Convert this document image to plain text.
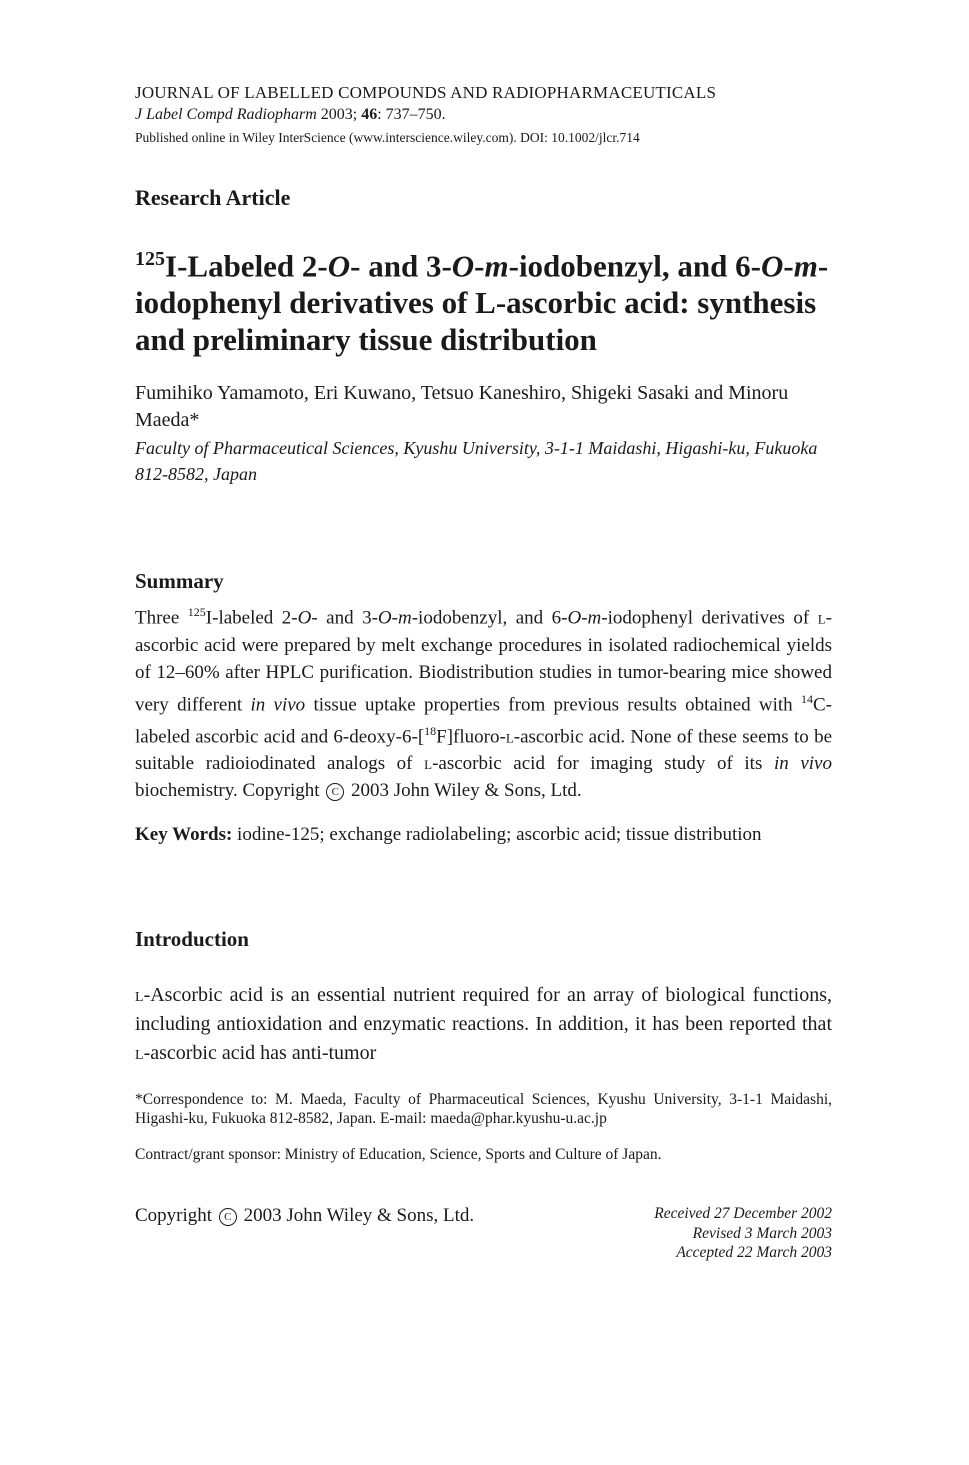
JOURNAL OF LABELLED COMPOUNDS AND RADIOPHARMACEUTICALS
J Label Compd Radiopharm 2003; 46: 737–750.
Published online in Wiley InterScience (www.interscience.wiley.com). DOI: 10.1002/jlcr.714
Research Article
$^{125}$I-Labeled 2-O- and 3-O-m-iodobenzyl, and 6-O-m-iodophenyl derivatives of L-ascorbic acid: synthesis and preliminary tissue distribution
Fumihiko Yamamoto, Eri Kuwano, Tetsuo Kaneshiro, Shigeki Sasaki and Minoru Maeda*
Faculty of Pharmaceutical Sciences, Kyushu University, 3-1-1 Maidashi, Higashi-ku, Fukuoka 812-8582, Japan
Summary

Three $^{125}$I-labeled 2-O- and 3-O-m-iodobenzyl, and 6-O-m-iodophenyl derivatives of l-ascorbic acid were prepared by melt exchange procedures in isolated radiochemical yields of 12–60% after HPLC purification. Biodistribution studies in tumor-bearing mice showed very different in vivo tissue uptake properties from previous results obtained with $^{14}$C-labeled ascorbic acid and 6-deoxy-6-[$^{18}$F]fluoro-l-ascorbic acid. None of these seems to be suitable radioiodinated analogs of l-ascorbic acid for imaging study of its in vivo biochemistry. Copyright C 2003 John Wiley & Sons, Ltd.

Key Words: iodine-125; exchange radiolabeling; ascorbic acid; tissue distribution
Introduction
l-Ascorbic acid is an essential nutrient required for an array of biological functions, including antioxidation and enzymatic reactions. In addition, it has been reported that l-ascorbic acid has anti-tumor
*Correspondence to: M. Maeda, Faculty of Pharmaceutical Sciences, Kyushu University, 3-1-1 Maidashi, Higashi-ku, Fukuoka 812-8582, Japan. E-mail: maeda@phar.kyushu-u.ac.jp
Contract/grant sponsor: Ministry of Education, Science, Sports and Culture of Japan.
Copyright C 2003 John Wiley & Sons, Ltd.	Received 27 December 2002
Revised 3 March 2003
Accepted 22 March 2003
